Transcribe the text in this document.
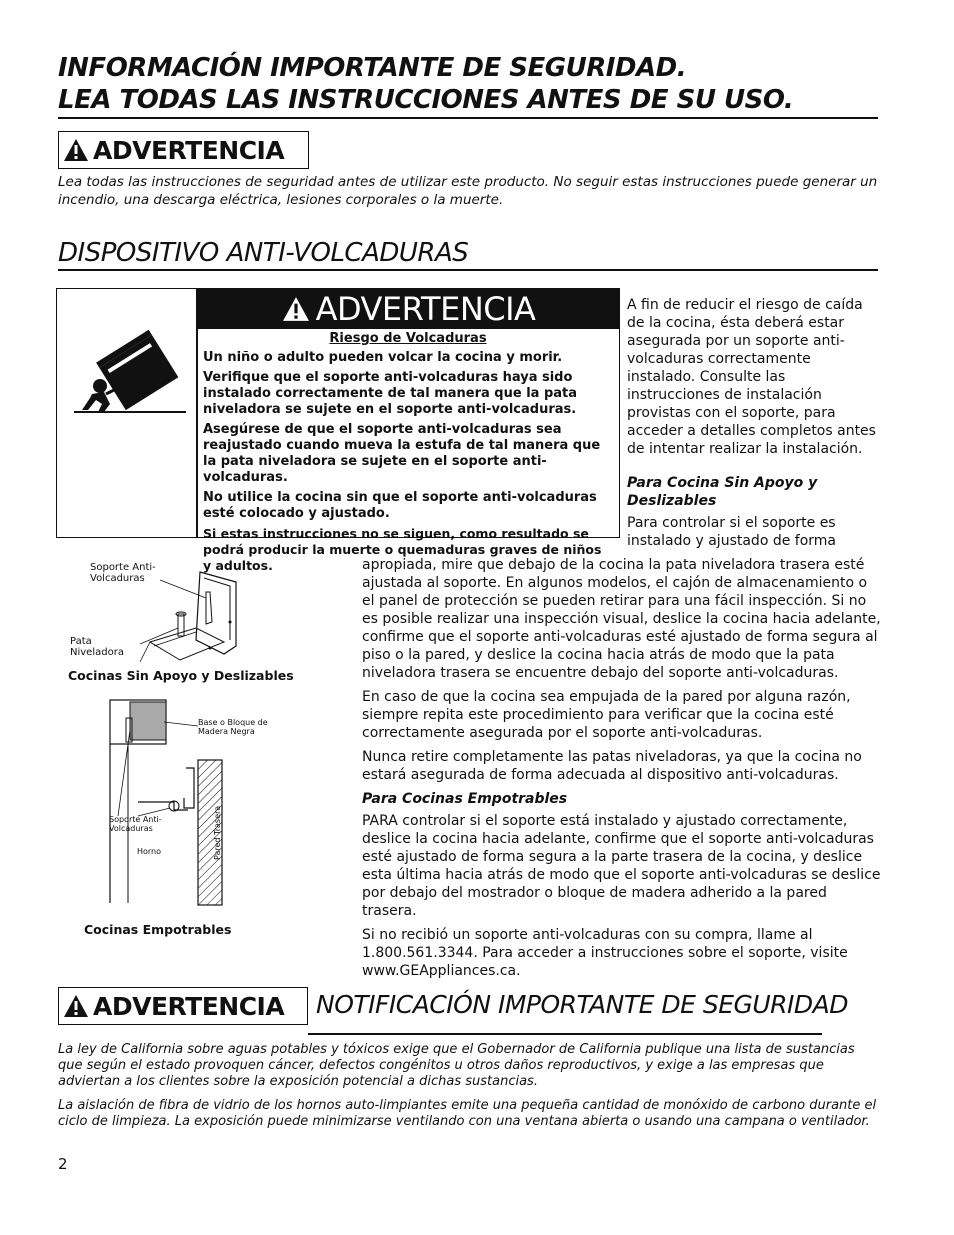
INFORMACIÓN IMPORTANTE DE SEGURIDAD.
LEA TODAS LAS INSTRUCCIONES ANTES DE SU USO.
ADVERTENCIA
Lea todas las instrucciones de seguridad antes de utilizar este producto. No seguir estas instrucciones puede generar un incendio, una descarga eléctrica, lesiones corporales o la muerte.
DISPOSITIVO ANTI-VOLCADURAS
ADVERTENCIA
Riesgo de Volcaduras

Un niño o adulto pueden volcar la cocina y morir.

Verifique que el soporte anti-volcaduras haya sido instalado correctamente de tal manera que la pata niveladora se sujete en el soporte anti-volcaduras.

Asegúrese de que el soporte anti-volcaduras sea reajustado cuando mueva la estufa de tal manera que la pata niveladora se sujete en el soporte anti-volcaduras.

No utilice la cocina sin que el soporte anti-volcaduras esté colocado y ajustado.

Si estas instrucciones no se siguen, como resultado se podrá producir la muerte o quemaduras graves de niños y adultos.

A fin de reducir el riesgo de caída de la cocina, ésta deberá estar asegurada por un soporte anti-volcaduras correctamente instalado. Consulte las instrucciones de instalación provistas con el soporte, para acceder a detalles completos antes de intentar realizar la instalación.

Para Cocina Sin Apoyo y Deslizables

Para controlar si el soporte es instalado y ajustado de forma

apropiada, mire que debajo de la cocina la pata niveladora trasera esté ajustada al soporte. En algunos modelos, el cajón de almacenamiento o el panel de protección se pueden retirar para una fácil inspección. Si no es posible realizar una inspección visual, deslice la cocina hacia adelante, confirme que el soporte anti-volcaduras esté ajustado de forma segura al piso o la pared, y deslice la cocina hacia atrás de modo que la pata niveladora trasera se encuentre debajo del soporte anti-volcaduras.

En caso de que la cocina sea empujada de la pared por alguna razón, siempre repita este procedimiento para verificar que la cocina esté correctamente asegurada por el soporte anti-volcaduras.

Nunca retire completamente las patas niveladoras, ya que la cocina no estará asegurada de forma adecuada al dispositivo anti-volcaduras.

Para Cocinas Empotrables

PARA controlar si el soporte está instalado y ajustado correctamente, deslice la cocina hacia adelante, confirme que el soporte anti-volcaduras esté ajustado de forma segura a la parte trasera de la cocina, y deslice esta última hacia atrás de modo que el soporte anti-volcaduras se deslice por debajo del mostrador o bloque de madera adherido a la pared trasera.

Si no recibió un soporte anti-volcaduras con su compra, llame al 1.800.561.3344. Para acceder a instrucciones sobre el soporte, visite www.GEAppliances.ca.

Soporte Anti-Volcaduras
Pata Niveladora
Cocinas Sin Apoyo y Deslizables
Base o Bloque de Madera Negra
Soporte Anti-Volcaduras
Horno	Pared Trasera
Cocinas Empotrables
ADVERTENCIA NOTIFICACIÓN IMPORTANTE DE SEGURIDAD
La ley de California sobre aguas potables y tóxicos exige que el Gobernador de California publique una lista de sustancias que según el estado provoquen cáncer, defectos congénitos u otros daños reproductivos, y exige a las empresas que adviertan a los clientes sobre la exposición potencial a dichas sustancias.
La aislación de fibra de vidrio de los hornos auto-limpiantes emite una pequeña cantidad de monóxido de carbono durante el ciclo de limpieza. La exposición puede minimizarse ventilando con una ventana abierta o usando una campana o ventilador.
2
